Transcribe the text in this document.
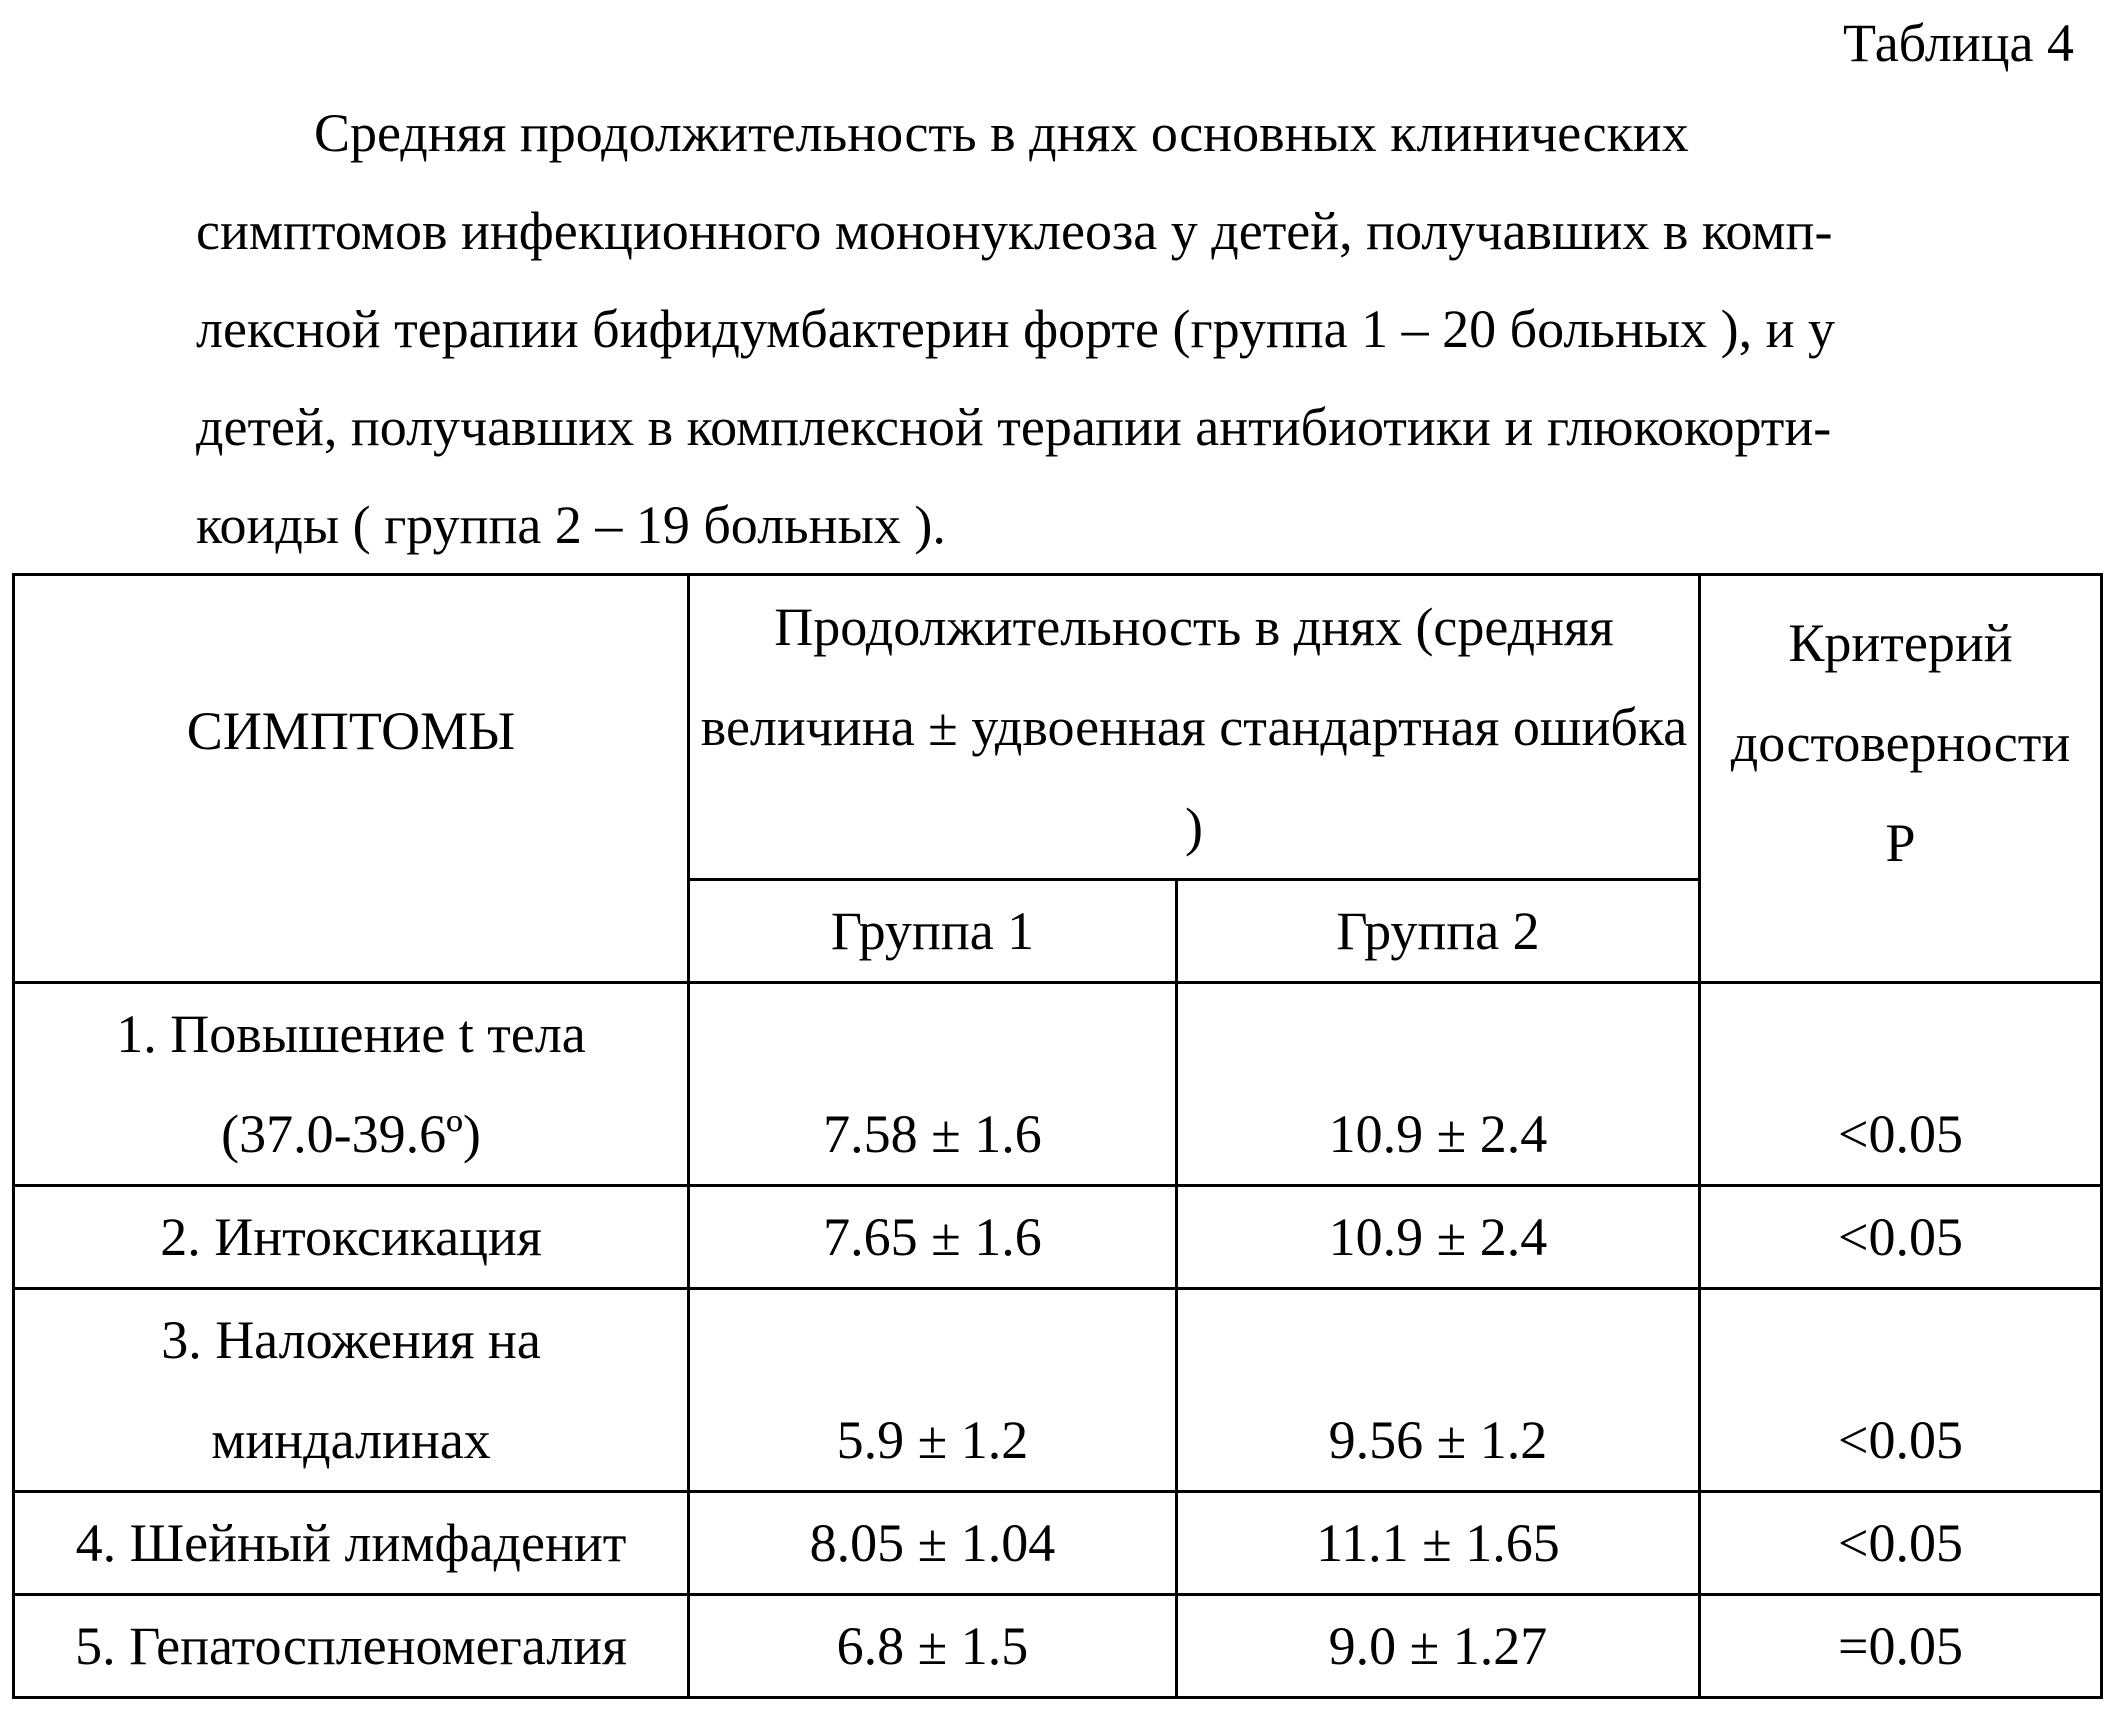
Таблица 4
Средняя продолжительность в днях основных клинических
симптомов инфекционного мононуклеоза у детей, получавших в комп-
лексной терапии бифидумбактерин форте (группа 1 – 20 больных ), и у
детей, получавших в комплексной терапии антибиотики и глюкокорти-
коиды ( группа 2 – 19 больных ).
СИМПТОМЫ	Продолжительность в днях (средняя величина ± удвоенная стандартная ошибка )		Критерий
достоверности
Р

	Группа 1	Группа 2	

1. Повышение t тела
(37.0-39.6º)	7.58 ± 1.6	10.9 ± 2.4	<0.05

2. Интоксикация	7.65 ± 1.6	10.9 ± 2.4	<0.05

3. Наложения на
миндалинах	5.9 ± 1.2	9.56 ± 1.2	<0.05

4. Шейный лимфаденит	8.05 ± 1.04	11.1 ± 1.65	<0.05
5. Гепатоспленомегалия	6.8 ± 1.5	9.0 ± 1.27	=0.05
